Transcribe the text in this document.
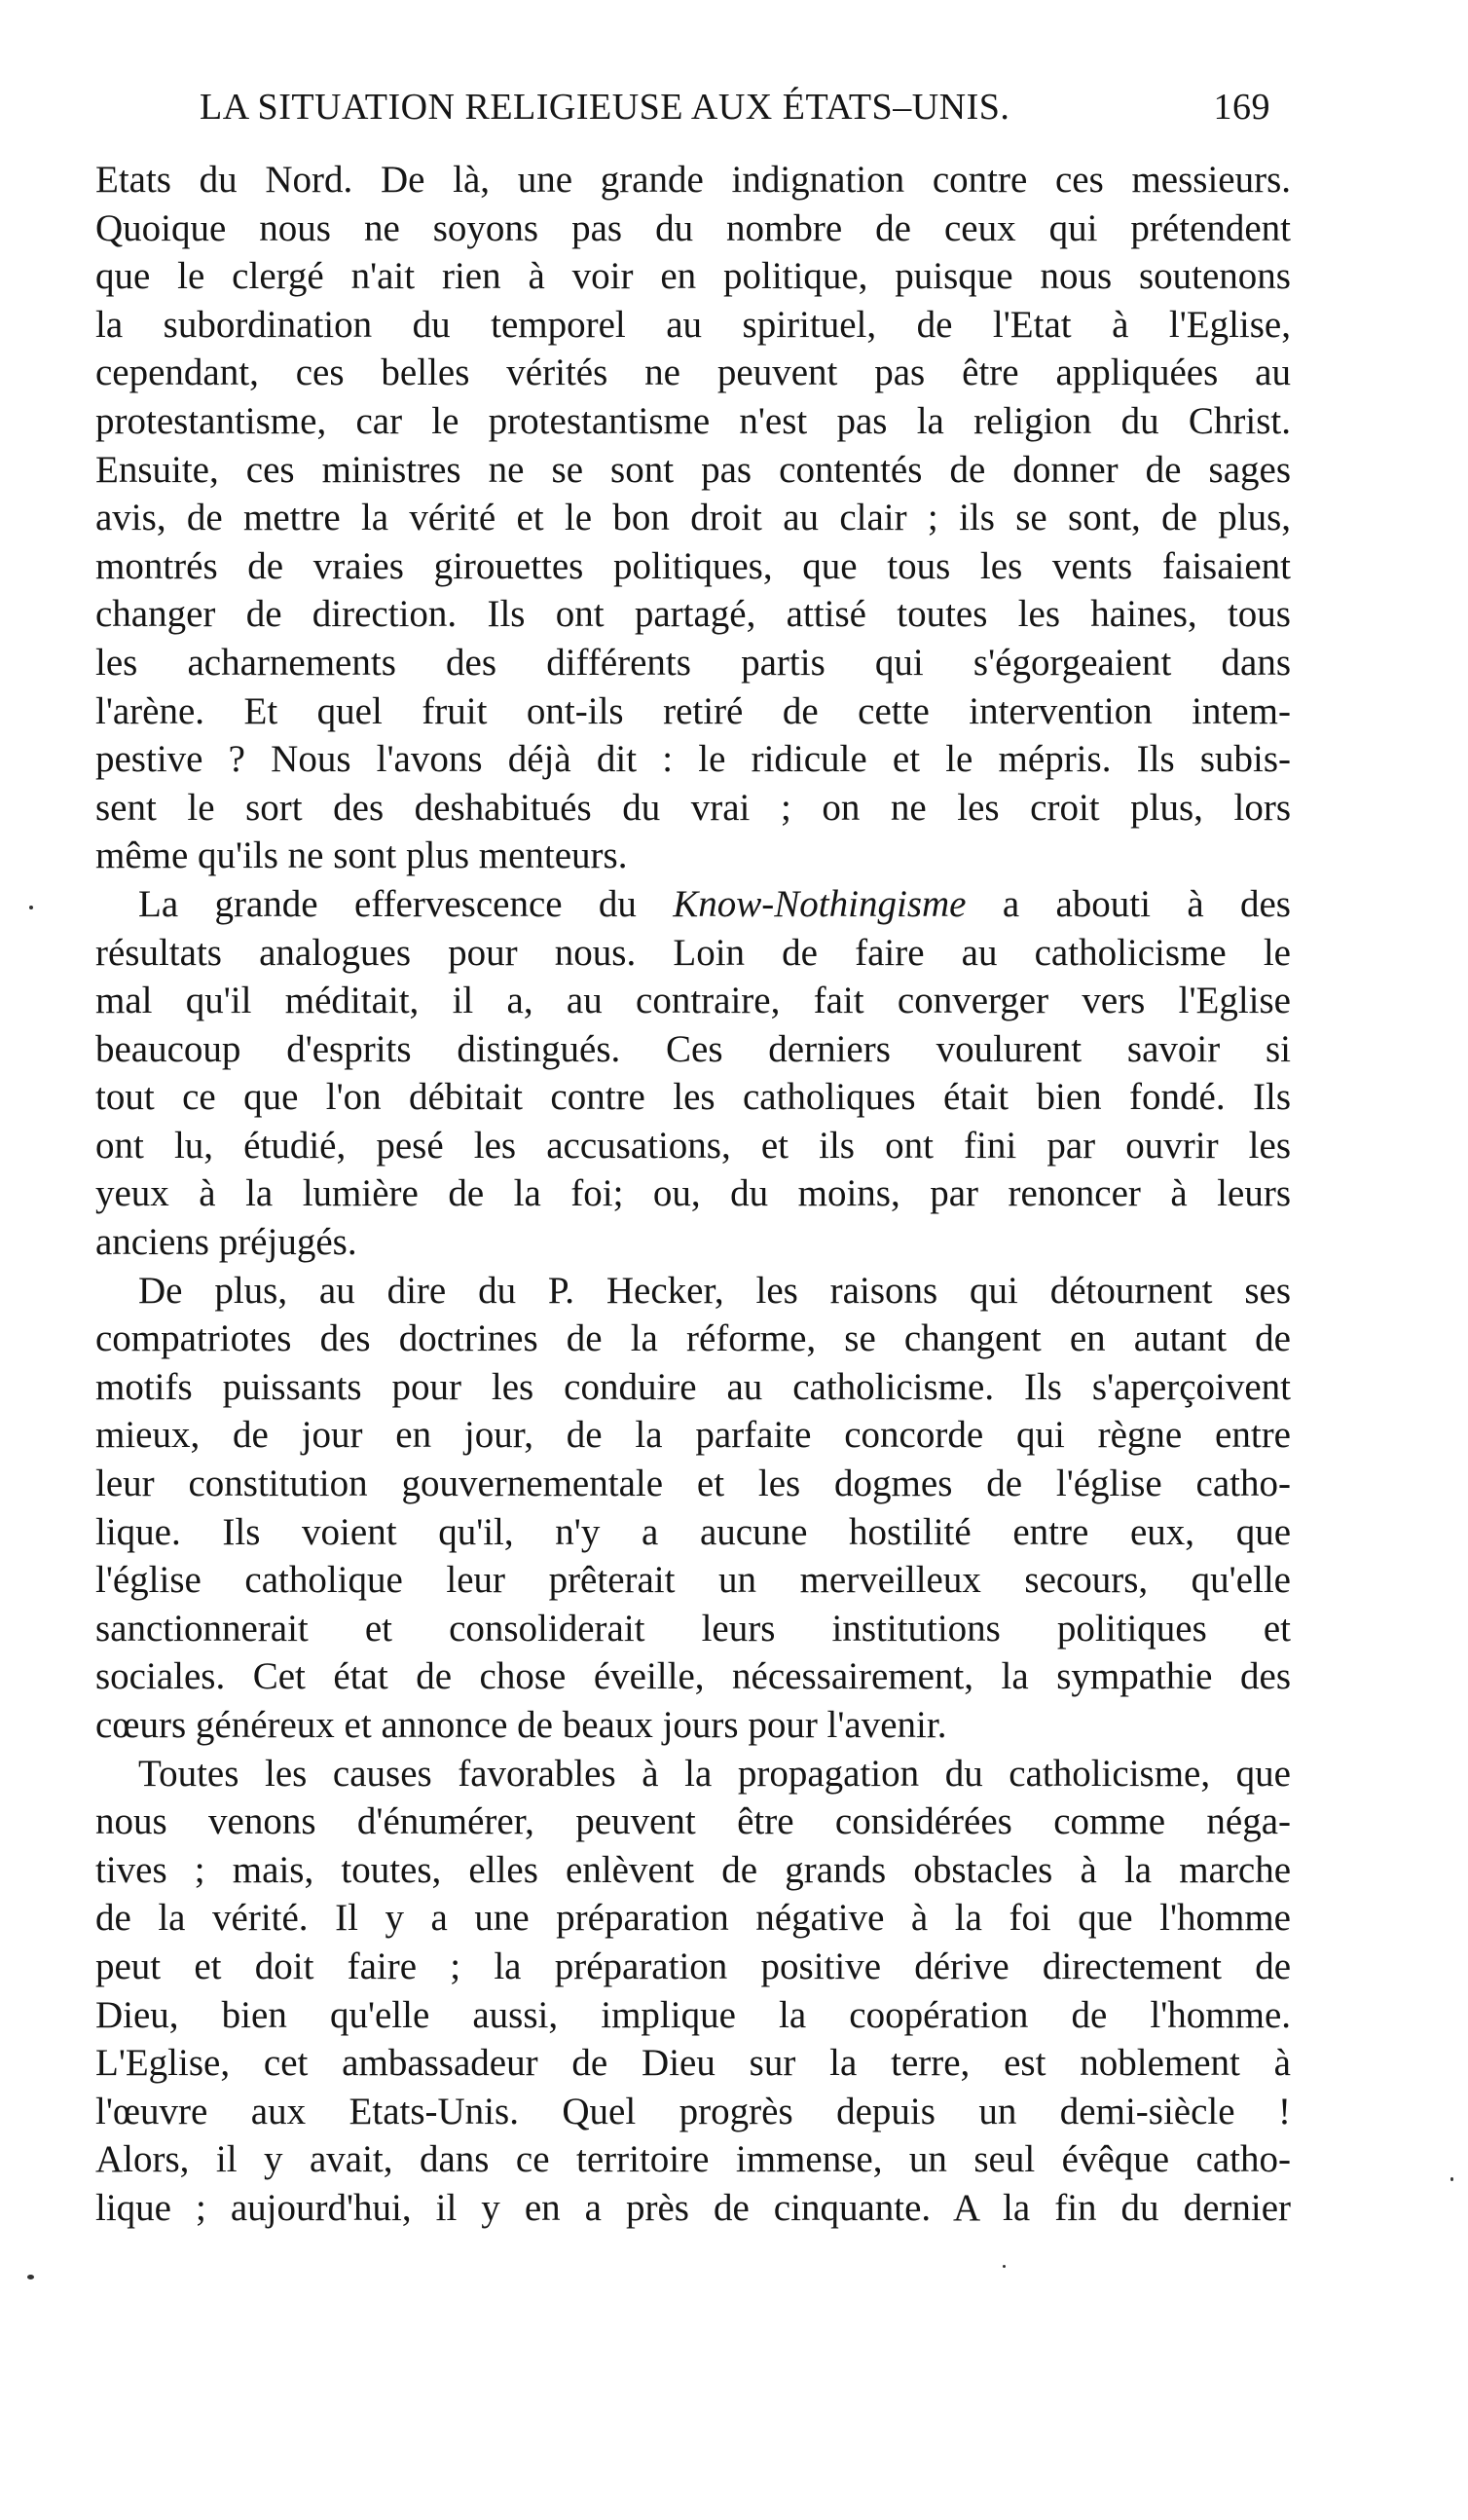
LA SITUATION RELIGIEUSE AUX ÉTATS–UNIS.	169
Etats du Nord. De là, une grande indignation contre ces messieurs.
Quoique nous ne soyons pas du nombre de ceux qui prétendent
que le clergé n'ait rien à voir en politique, puisque nous soutenons
la subordination du temporel au spirituel, de l'Etat à l'Eglise,
cependant, ces belles vérités ne peuvent pas être appliquées au
protestantisme, car le protestantisme n'est pas la religion du Christ.
Ensuite, ces ministres ne se sont pas contentés de donner de sages
avis, de mettre la vérité et le bon droit au clair ; ils se sont, de plus,
montrés de vraies girouettes politiques, que tous les vents faisaient
changer de direction. Ils ont partagé, attisé toutes les haines, tous
les acharnements des différents partis qui s'égorgeaient dans
l'arène. Et quel fruit ont-ils retiré de cette intervention intem-
pestive ? Nous l'avons déjà dit : le ridicule et le mépris. Ils subis-
sent le sort des deshabitués du vrai ; on ne les croit plus, lors
même qu'ils ne sont plus menteurs.
La grande effervescence du Know-Nothingisme a abouti à des
résultats analogues pour nous. Loin de faire au catholicisme le
mal qu'il méditait, il a, au contraire, fait converger vers l'Eglise
beaucoup d'esprits distingués. Ces derniers voulurent savoir si
tout ce que l'on débitait contre les catholiques était bien fondé. Ils
ont lu, étudié, pesé les accusations, et ils ont fini par ouvrir les
yeux à la lumière de la foi; ou, du moins, par renoncer à leurs
anciens préjugés.
De plus, au dire du P. Hecker, les raisons qui détournent ses
compatriotes des doctrines de la réforme, se changent en autant de
motifs puissants pour les conduire au catholicisme. Ils s'aperçoivent
mieux, de jour en jour, de la parfaite concorde qui règne entre
leur constitution gouvernementale et les dogmes de l'église catho-
lique. Ils voient qu'il, n'y a aucune hostilité entre eux, que
l'église catholique leur prêterait un merveilleux secours, qu'elle
sanctionnerait et consoliderait leurs institutions politiques et
sociales. Cet état de chose éveille, nécessairement, la sympathie des
cœurs généreux et annonce de beaux jours pour l'avenir.
Toutes les causes favorables à la propagation du catholicisme, que
nous venons d'énumérer, peuvent être considérées comme néga-
tives ; mais, toutes, elles enlèvent de grands obstacles à la marche
de la vérité. Il y a une préparation négative à la foi que l'homme
peut et doit faire ; la préparation positive dérive directement de
Dieu, bien qu'elle aussi, implique la coopération de l'homme.
L'Eglise, cet ambassadeur de Dieu sur la terre, est noblement à
l'œuvre aux Etats-Unis. Quel progrès depuis un demi-siècle !
Alors, il y avait, dans ce territoire immense, un seul évêque catho-
lique ; aujourd'hui, il y en a près de cinquante. A la fin du dernier
